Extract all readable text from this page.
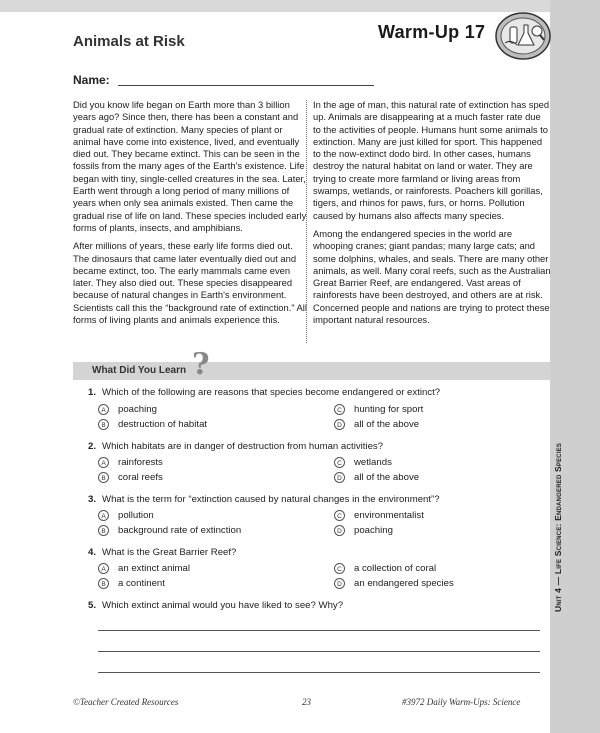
Unit 4 — Life Science: Endangered Species
Animals at Risk	Warm-Up 17
Name:

Did you know life began on Earth more than 3 billion years ago? Since then, there has been a constant and gradual rate of extinction. Many species of plant or animal have come into existence, lived, and eventually died out. They became extinct. This can be seen in the fossils from the many ages of the Earth's existence. Life began with tiny, single-celled creatures in the sea. Later, Earth went through a long period of many millions of years when only sea animals existed. Then came the gradual rise of life on land. These species included early forms of plants, insects, and amphibians.

After millions of years, these early life forms died out. The dinosaurs that came later eventually died out and became extinct, too. The early mammals came even later. They also died out. These species disappeared because of natural changes in Earth's environment. Scientists call this the “background rate of extinction.” All forms of living plants and animals experience this.

In the age of man, this natural rate of extinction has sped up. Animals are disappearing at a much faster rate due to the activities of people. Humans hunt some animals to extinction. Many are just killed for sport. This happened to the now-extinct dodo bird. In other cases, humans destroy the natural habitat on land or water. They are trying to create more farmland or living areas from swamps, wetlands, or rainforests. Poachers kill gorillas, tigers, and rhinos for paws, furs, or horns. Pollution caused by humans also affects many species.

Among the endangered species in the world are whooping cranes; giant pandas; many large cats; and some dolphins, whales, and seals. There are many other animals, as well. Many coral reefs, such as the Australian Great Barrier Reef, are endangered. Vast areas of rainforests have been destroyed, and others are at risk. Concerned people and nations are trying to protect these important natural resources.

What Did You Learn ?
1. Which of the following are reasons that species become endangered or extinct?
A	poaching
B	destruction of habitat
C	hunting for sport
D	all of the above
2. Which habitats are in danger of destruction from human activities?
A	rainforests
B	coral reefs
C	wetlands
D	all of the above
3. What is the term for “extinction caused by natural changes in the environment”?
A	pollution
B	background rate of extinction
C	environmentalist
D	poaching
4. What is the Great Barrier Reef?
A	an extinct animal
B	a continent
C	a collection of coral
D	an endangered species
5. Which extinct animal would you have liked to see? Why?
©Teacher Created Resources	23	#3972 Daily Warm-Ups: Science
